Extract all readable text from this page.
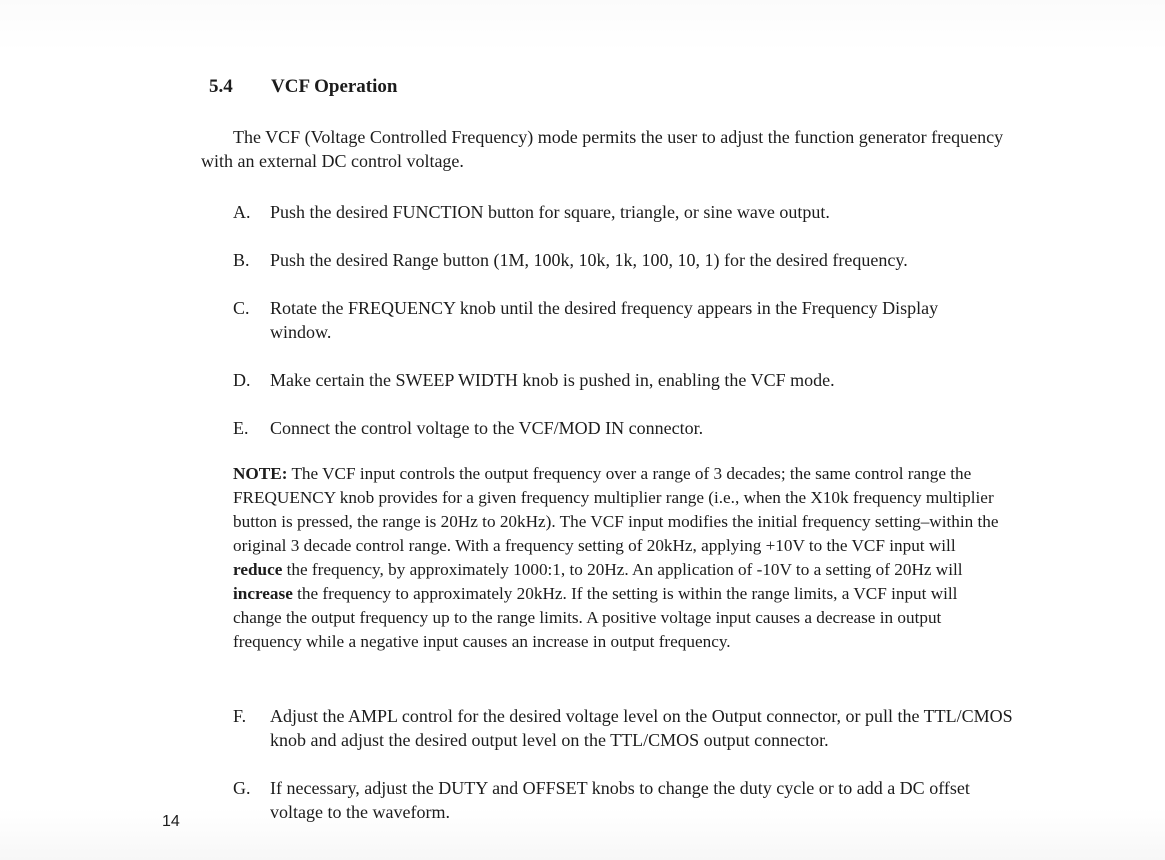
5.4 VCF Operation
The VCF (Voltage Controlled Frequency) mode permits the user to adjust the function generator frequency with an external DC control voltage.
A.	Push the desired FUNCTION button for square, triangle, or sine wave output.
B.	Push the desired Range button (1M, 100k, 10k, 1k, 100, 10, 1) for the desired frequency.
C.	Rotate the FREQUENCY knob until the desired frequency appears in the Frequency Display window.
D.	Make certain the SWEEP WIDTH knob is pushed in, enabling the VCF mode.
E.	Connect the control voltage to the VCF/MOD IN connector.
NOTE: The VCF input controls the output frequency over a range of 3 decades; the same control range the FREQUENCY knob provides for a given frequency multiplier range (i.e., when the X10k frequency multiplier button is pressed, the range is 20Hz to 20kHz). The VCF input modifies the initial frequency setting–within the original 3 decade control range. With a frequency setting of 20kHz, applying +10V to the VCF input will reduce the frequency, by approximately 1000:1, to 20Hz. An application of -10V to a setting of 20Hz will increase the frequency to approximately 20kHz. If the setting is within the range limits, a VCF input will change the output frequency up to the range limits. A positive voltage input causes a decrease in output frequency while a negative input causes an increase in output frequency.
F.	Adjust the AMPL control for the desired voltage level on the Output connector, or pull the TTL/CMOS knob and adjust the desired output level on the TTL/CMOS output connector.
G.	If necessary, adjust the DUTY and OFFSET knobs to change the duty cycle or to add a DC offset voltage to the waveform.
14
